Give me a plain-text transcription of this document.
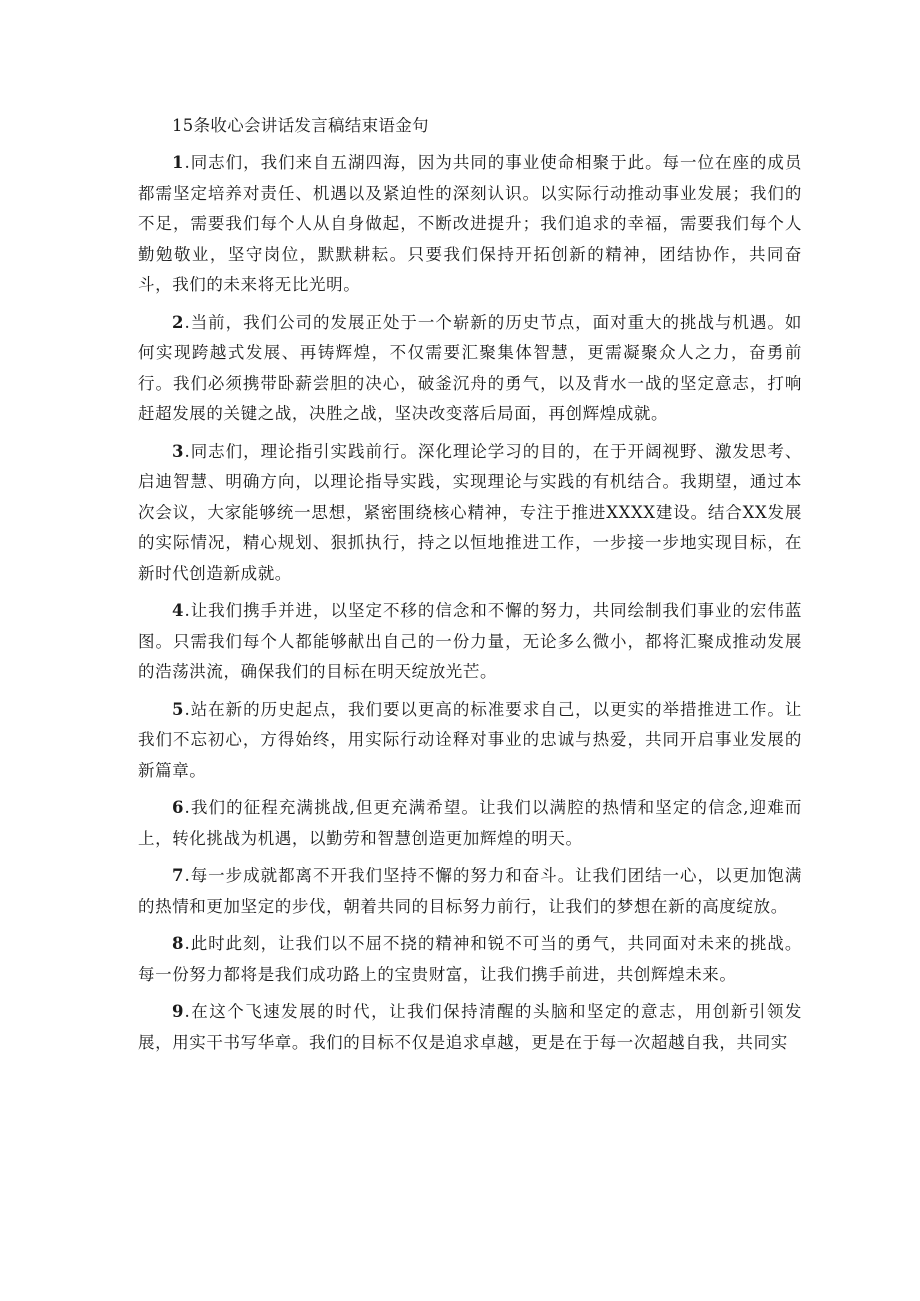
15条收心会讲话发言稿结束语金句

1.同志们，我们来自五湖四海，因为共同的事业使命相聚于此。每一位在座的成员都需坚定培养对责任、机遇以及紧迫性的深刻认识。以实际行动推动事业发展；我们的不足，需要我们每个人从自身做起，不断改进提升；我们追求的幸福，需要我们每个人勤勉敬业，坚守岗位，默默耕耘。只要我们保持开拓创新的精神，团结协作，共同奋斗，我们的未来将无比光明。

2.当前，我们公司的发展正处于一个崭新的历史节点，面对重大的挑战与机遇。如何实现跨越式发展、再铸辉煌，不仅需要汇聚集体智慧，更需凝聚众人之力，奋勇前行。我们必须携带卧薪尝胆的决心，破釜沉舟的勇气，以及背水一战的坚定意志，打响赶超发展的关键之战，决胜之战，坚决改变落后局面，再创辉煌成就。

3.同志们，理论指引实践前行。深化理论学习的目的，在于开阔视野、激发思考、启迪智慧、明确方向，以理论指导实践，实现理论与实践的有机结合。我期望，通过本次会议，大家能够统一思想，紧密围绕核心精神，专注于推进XXXX建设。结合XX发展的实际情况，精心规划、狠抓执行，持之以恒地推进工作，一步接一步地实现目标，在新时代创造新成就。

4.让我们携手并进，以坚定不移的信念和不懈的努力，共同绘制我们事业的宏伟蓝图。只需我们每个人都能够献出自己的一份力量，无论多么微小，都将汇聚成推动发展的浩荡洪流，确保我们的目标在明天绽放光芒。

5.站在新的历史起点，我们要以更高的标准要求自己，以更实的举措推进工作。让我们不忘初心，方得始终，用实际行动诠释对事业的忠诚与热爱，共同开启事业发展的新篇章。

6.我们的征程充满挑战,但更充满希望。让我们以满腔的热情和坚定的信念,迎难而上，转化挑战为机遇，以勤劳和智慧创造更加辉煌的明天。

7.每一步成就都离不开我们坚持不懈的努力和奋斗。让我们团结一心，以更加饱满的热情和更加坚定的步伐，朝着共同的目标努力前行，让我们的梦想在新的高度绽放。

8.此时此刻，让我们以不屈不挠的精神和锐不可当的勇气，共同面对未来的挑战。每一份努力都将是我们成功路上的宝贵财富，让我们携手前进，共创辉煌未来。

9.在这个飞速发展的时代，让我们保持清醒的头脑和坚定的意志，用创新引领发展，用实干书写华章。我们的目标不仅是追求卓越，更是在于每一次超越自我，共同实
